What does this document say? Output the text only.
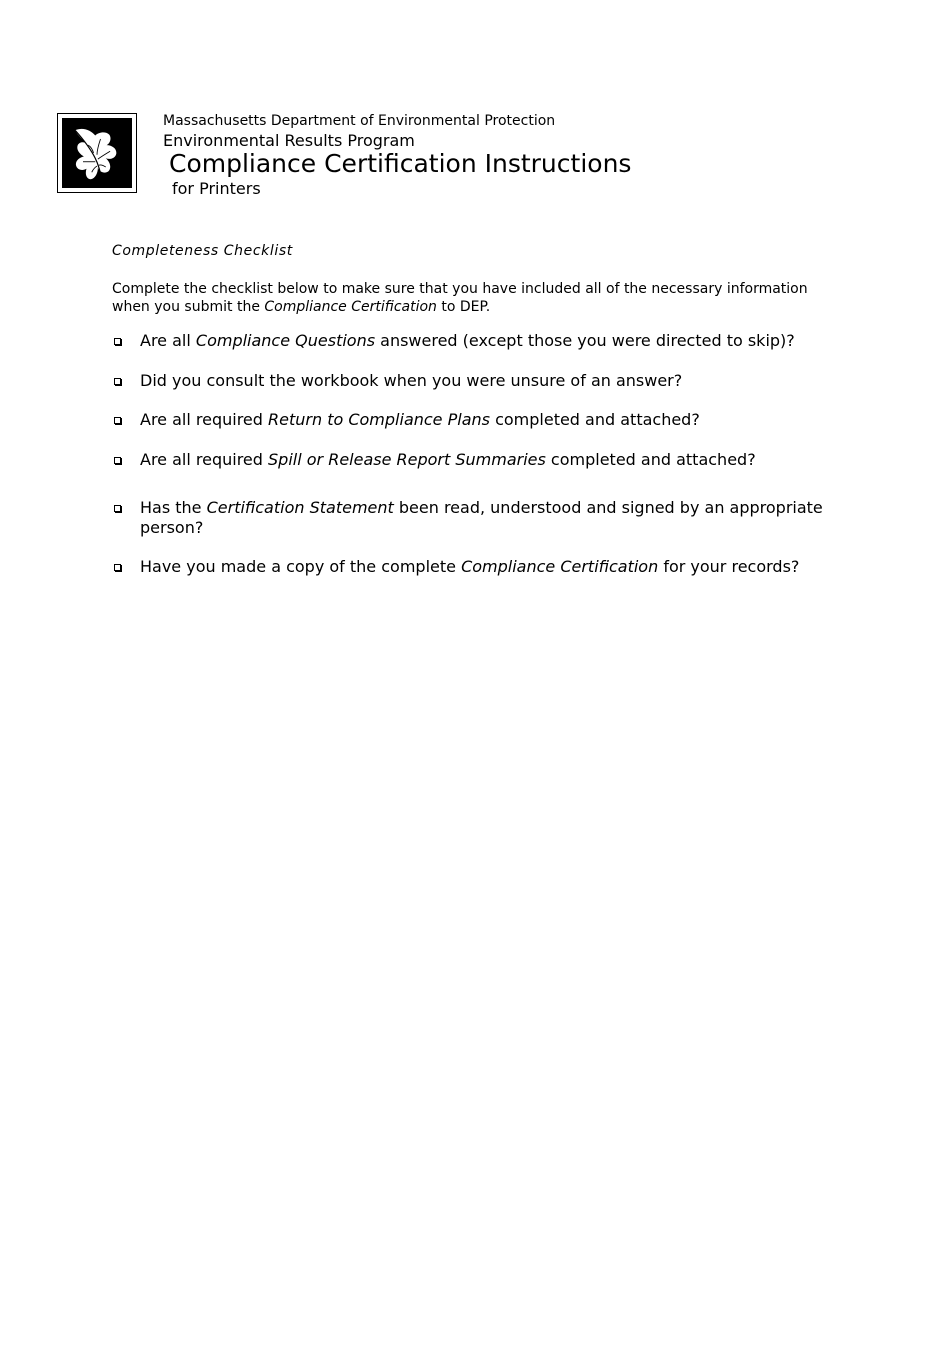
Massachusetts Department of Environmental Protection
Environmental Results Program
Compliance Certification Instructions
for Printers
Completeness Checklist

Complete the checklist below to make sure that you have included all of the necessary information when you submit the Compliance Certification to DEP.

Are all Compliance Questions answered (except those you were directed to skip)?
Did you consult the workbook when you were unsure of an answer?
Are all required Return to Compliance Plans completed and attached?
Are all required Spill or Release Report Summaries completed and attached?
Has the Certification Statement been read, understood and signed by an appropriate person?
Have you made a copy of the complete Compliance Certification for your records?
